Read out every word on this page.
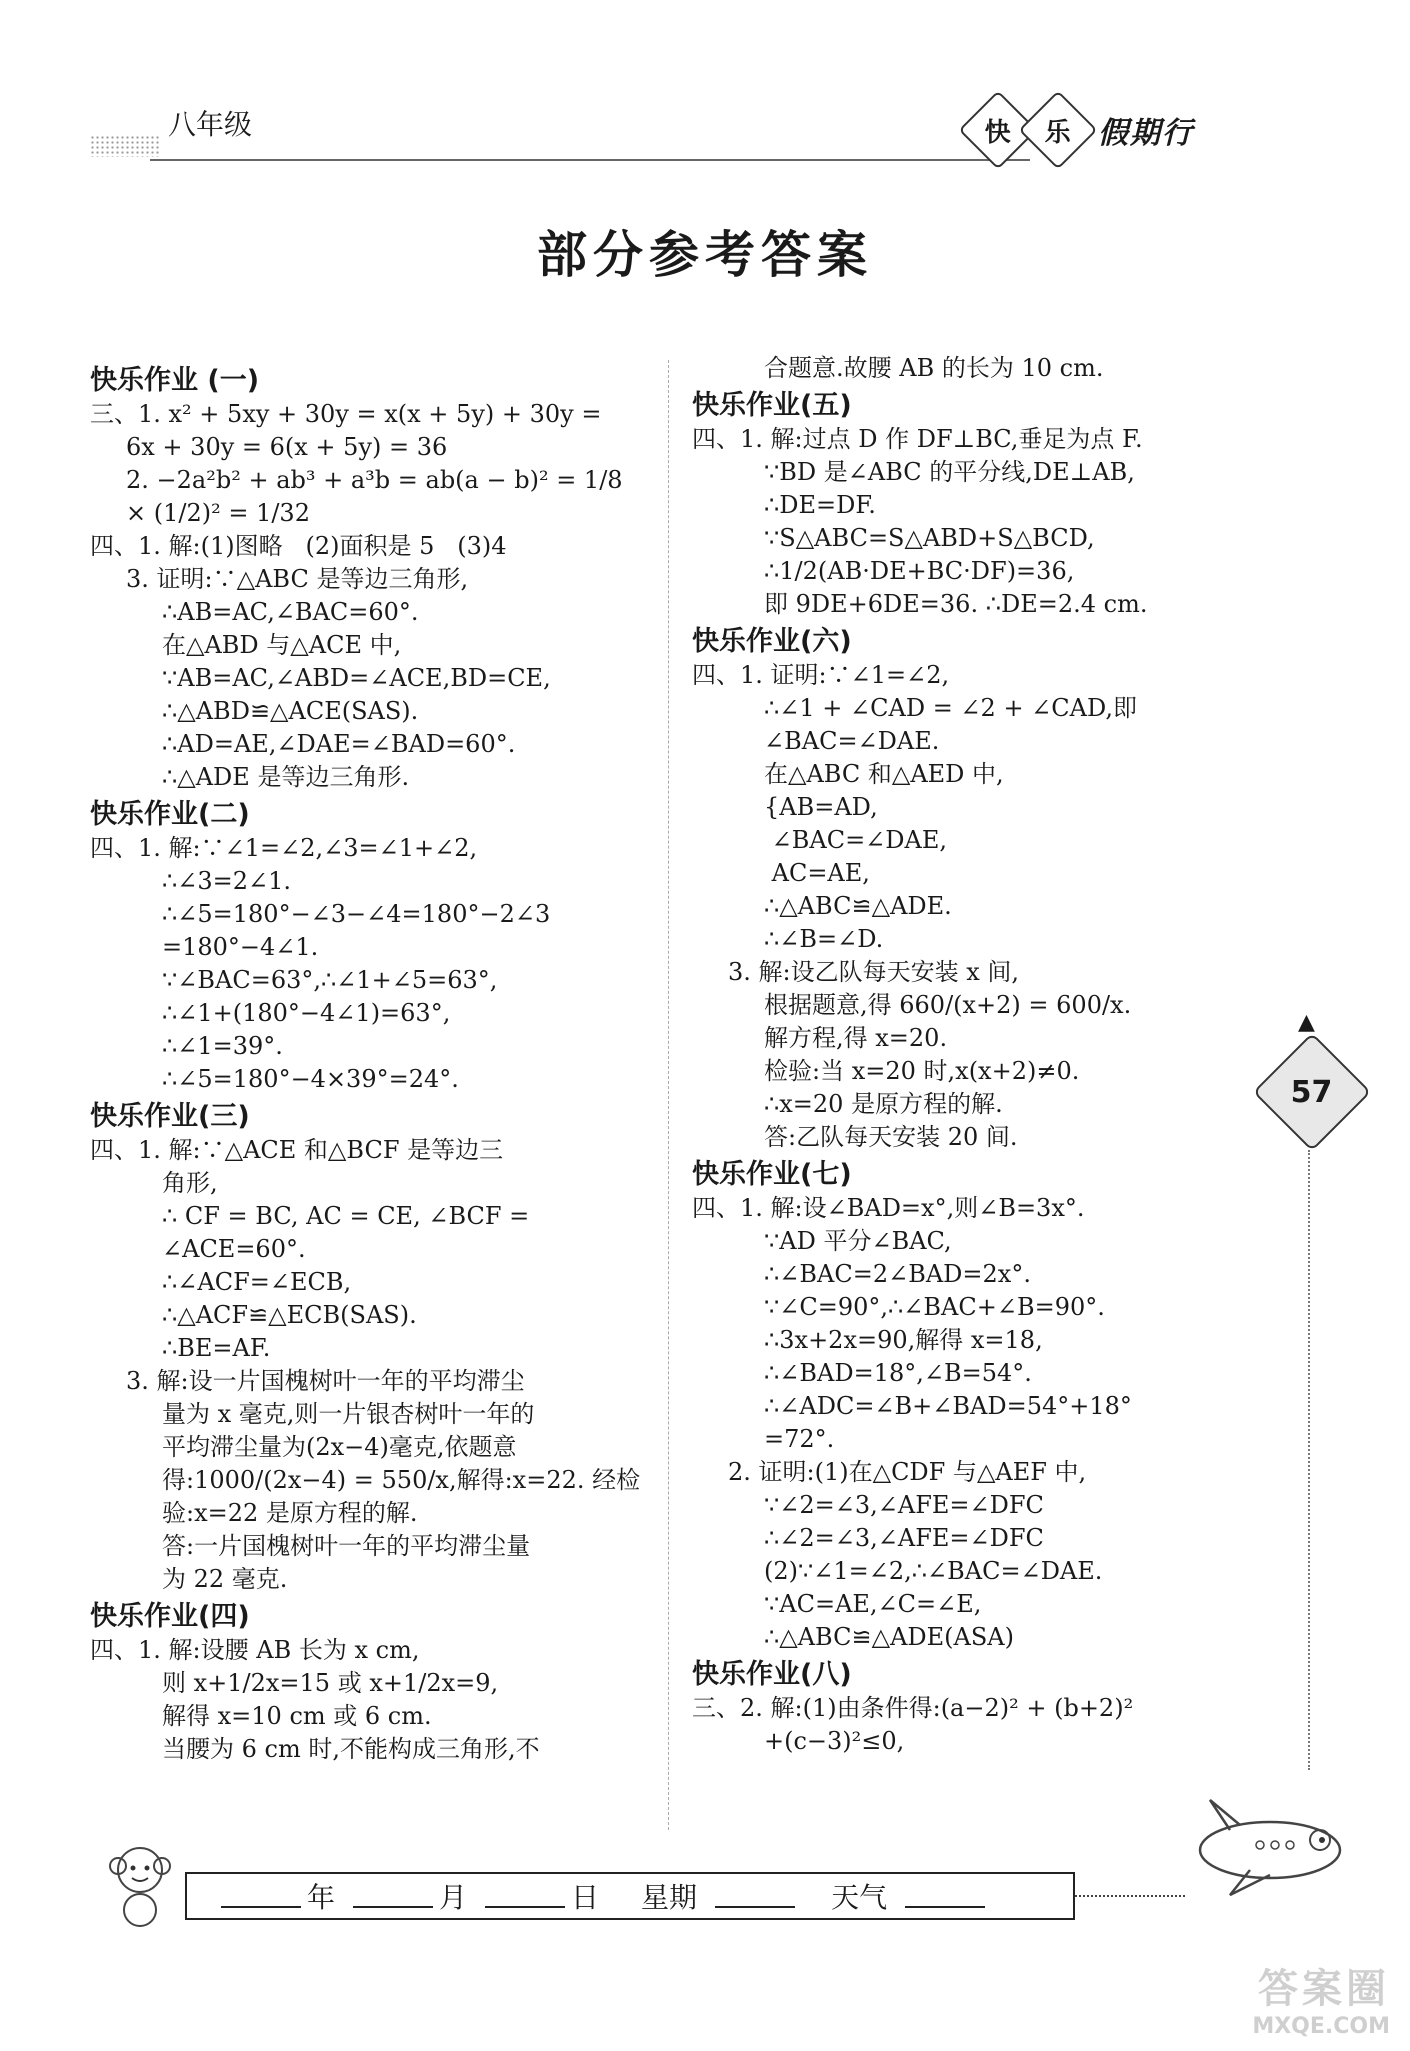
八年级	快 乐 假期行
部分参考答案
快乐作业 (一)
三、1. x² + 5xy + 30y = x(x + 5y) + 30y =
6x + 30y = 6(x + 5y) = 36
2. −2a²b² + ab³ + a³b = ab(a − b)² = 1/8
× (1/2)² = 1/32
四、1. 解:(1)图略   (2)面积是 5   (3)4
3. 证明:∵△ABC 是等边三角形,
∴AB=AC,∠BAC=60°.
在△ABD 与△ACE 中,
∵AB=AC,∠ABD=∠ACE,BD=CE,
∴△ABD≌△ACE(SAS).
∴AD=AE,∠DAE=∠BAD=60°.
∴△ADE 是等边三角形.
快乐作业(二)
四、1. 解:∵∠1=∠2,∠3=∠1+∠2,
∴∠3=2∠1.
∴∠5=180°−∠3−∠4=180°−2∠3
=180°−4∠1.
∵∠BAC=63°,∴∠1+∠5=63°,
∴∠1+(180°−4∠1)=63°,
∴∠1=39°.
∴∠5=180°−4×39°=24°.
快乐作业(三)
四、1. 解:∵△ACE 和△BCF 是等边三
角形,
∴ CF = BC, AC = CE, ∠BCF =
∠ACE=60°.
∴∠ACF=∠ECB,
∴△ACF≌△ECB(SAS).
∴BE=AF.
3. 解:设一片国槐树叶一年的平均滞尘
量为 x 毫克,则一片银杏树叶一年的
平均滞尘量为(2x−4)毫克,依题意
得:1000/(2x−4) = 550/x,解得:x=22. 经检
验:x=22 是原方程的解.
答:一片国槐树叶一年的平均滞尘量
为 22 毫克.
快乐作业(四)
四、1. 解:设腰 AB 长为 x cm,
则 x+1/2x=15 或 x+1/2x=9,
解得 x=10 cm 或 6 cm.
当腰为 6 cm 时,不能构成三角形,不
合题意.故腰 AB 的长为 10 cm.
快乐作业(五)
四、1. 解:过点 D 作 DF⊥BC,垂足为点 F.
∵BD 是∠ABC 的平分线,DE⊥AB,
∴DE=DF.
∵S△ABC=S△ABD+S△BCD,
∴1/2(AB·DE+BC·DF)=36,
即 9DE+6DE=36. ∴DE=2.4 cm.
快乐作业(六)
四、1. 证明:∵∠1=∠2,
∴∠1 + ∠CAD = ∠2 + ∠CAD,即
∠BAC=∠DAE.
在△ABC 和△AED 中,
{AB=AD,
∠BAC=∠DAE,
AC=AE,
∴△ABC≌△ADE.
∴∠B=∠D.
3. 解:设乙队每天安装 x 间,
根据题意,得 660/(x+2) = 600/x.
解方程,得 x=20.
检验:当 x=20 时,x(x+2)≠0.
∴x=20 是原方程的解.
答:乙队每天安装 20 间.
快乐作业(七)
四、1. 解:设∠BAD=x°,则∠B=3x°.
∵AD 平分∠BAC,
∴∠BAC=2∠BAD=2x°.
∵∠C=90°,∴∠BAC+∠B=90°.
∴3x+2x=90,解得 x=18,
∴∠BAD=18°,∠B=54°.
∴∠ADC=∠B+∠BAD=54°+18°
=72°.
2. 证明:(1)在△CDF 与△AEF 中,
∵∠2=∠3,∠AFE=∠DFC
∴∠2=∠3,∠AFE=∠DFC
(2)∵∠1=∠2,∴∠BAC=∠DAE.
∵AC=AE,∠C=∠E,
∴△ABC≌△ADE(ASA)
快乐作业(八)
三、2. 解:(1)由条件得:(a−2)² + (b+2)²
+(c−3)²≤0,
▲

57
年	月	日 星期	天气
答案圈
MXQE.COM
